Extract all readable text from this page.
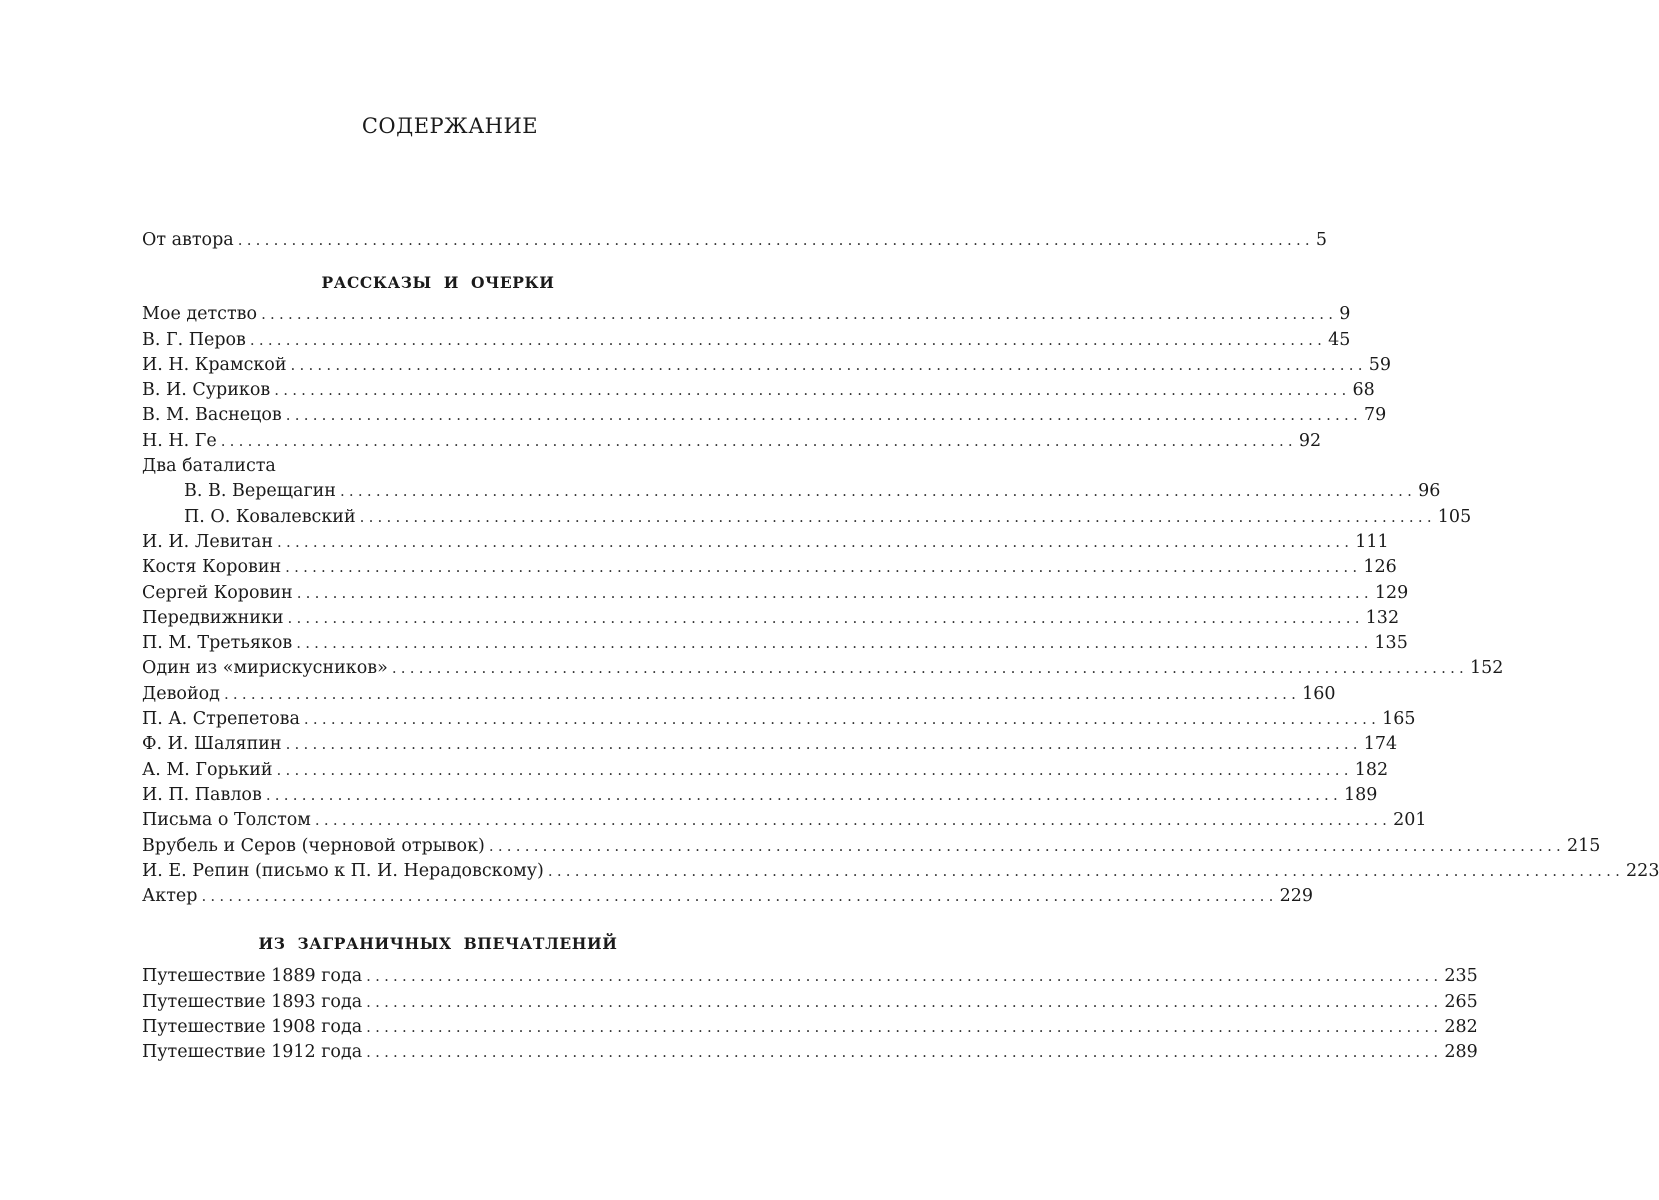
СОДЕРЖАНИЕ
От автора ........................................................................................................................ 5
РАССКАЗЫ И ОЧЕРКИ
Мое детство ........................................................................................................................ 9
В. Г. Перов ........................................................................................................................ 45
И. Н. Крамской ........................................................................................................................ 59
В. И. Суриков ........................................................................................................................ 68
В. М. Васнецов ........................................................................................................................ 79
Н. Н. Ге ........................................................................................................................ 92
Два баталиста
В. В. Верещагин ........................................................................................................................ 96
П. О. Ковалевский ........................................................................................................................ 105
И. И. Левитан ........................................................................................................................ 111
Костя Коровин ........................................................................................................................ 126
Сергей Коровин ........................................................................................................................ 129
Передвижники ........................................................................................................................ 132
П. М. Третьяков ........................................................................................................................ 135
Один из «мирискусников» ........................................................................................................................ 152
Девойод ........................................................................................................................ 160
П. А. Стрепетова ........................................................................................................................ 165
Ф. И. Шаляпин ........................................................................................................................ 174
А. М. Горький ........................................................................................................................ 182
И. П. Павлов ........................................................................................................................ 189
Письма о Толстом ........................................................................................................................ 201
Врубель и Серов (черновой отрывок) ........................................................................................................................ 215
И. Е. Репин (письмо к П. И. Нерадовскому) ........................................................................................................................ 223
Актер ........................................................................................................................ 229
ИЗ ЗАГРАНИЧНЫХ ВПЕЧАТЛЕНИЙ
Путешествие 1889 года ........................................................................................................................ 235
Путешествие 1893 года ........................................................................................................................ 265
Путешествие 1908 года ........................................................................................................................ 282
Путешествие 1912 года ........................................................................................................................ 289
